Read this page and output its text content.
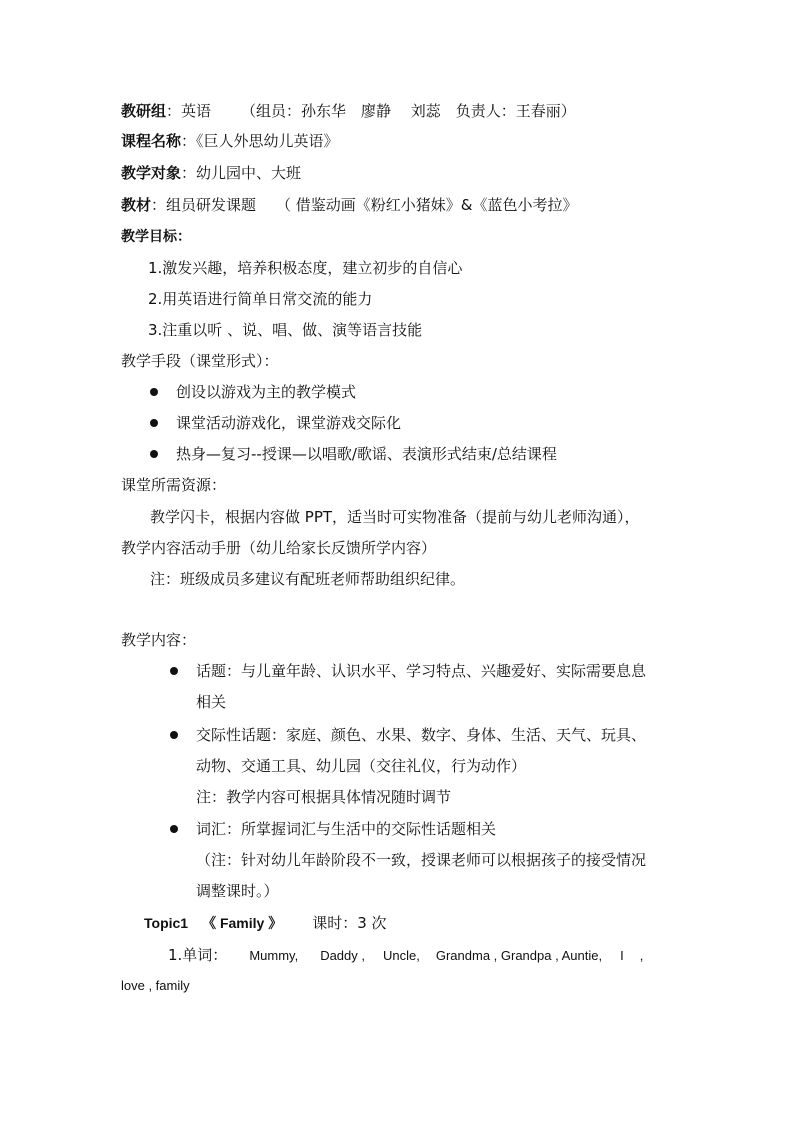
教研组：英语 （组员：孙东华　廖静　 刘蕊　负责人：王春丽）
课程名称：《巨人外思幼儿英语》
教学对象：幼儿园中、大班
教材：组员研发课题 （ 借鉴动画《粉红小猪妹》&《蓝色小考拉》
教学目标：
1.激发兴趣，培养积极态度，建立初步的自信心
2.用英语进行简单日常交流的能力
3.注重以听 、说、唱、做、演等语言技能
教学手段（课堂形式）：
创设以游戏为主的教学模式
课堂活动游戏化，课堂游戏交际化
热身—复习--授课—以唱歌/歌谣、表演形式结束/总结课程
课堂所需资源：
教学闪卡，根据内容做 PPT，适当时可实物准备（提前与幼儿老师沟通），
教学内容活动手册（幼儿给家长反馈所学内容）
注：班级成员多建议有配班老师帮助组织纪律。
教学内容：
话题：与儿童年龄、认识水平、学习特点、兴趣爱好、实际需要息息
相关
交际性话题：家庭、颜色、水果、数字、身体、生活、天气、玩具、
动物、交通工具、幼儿园（交往礼仪，行为动作）
注：教学内容可根据具体情况随时调节
词汇：所掌握词汇与生活中的交际性话题相关
（注：针对幼儿年龄阶段不一致，授课老师可以根据孩子的接受情况
调整课时。）
Topic1 《 Family 》 课时：3 次
1.单词： Mummy, Daddy , Uncle, Grandma , Grandpa , Auntie, I ,
love , family
